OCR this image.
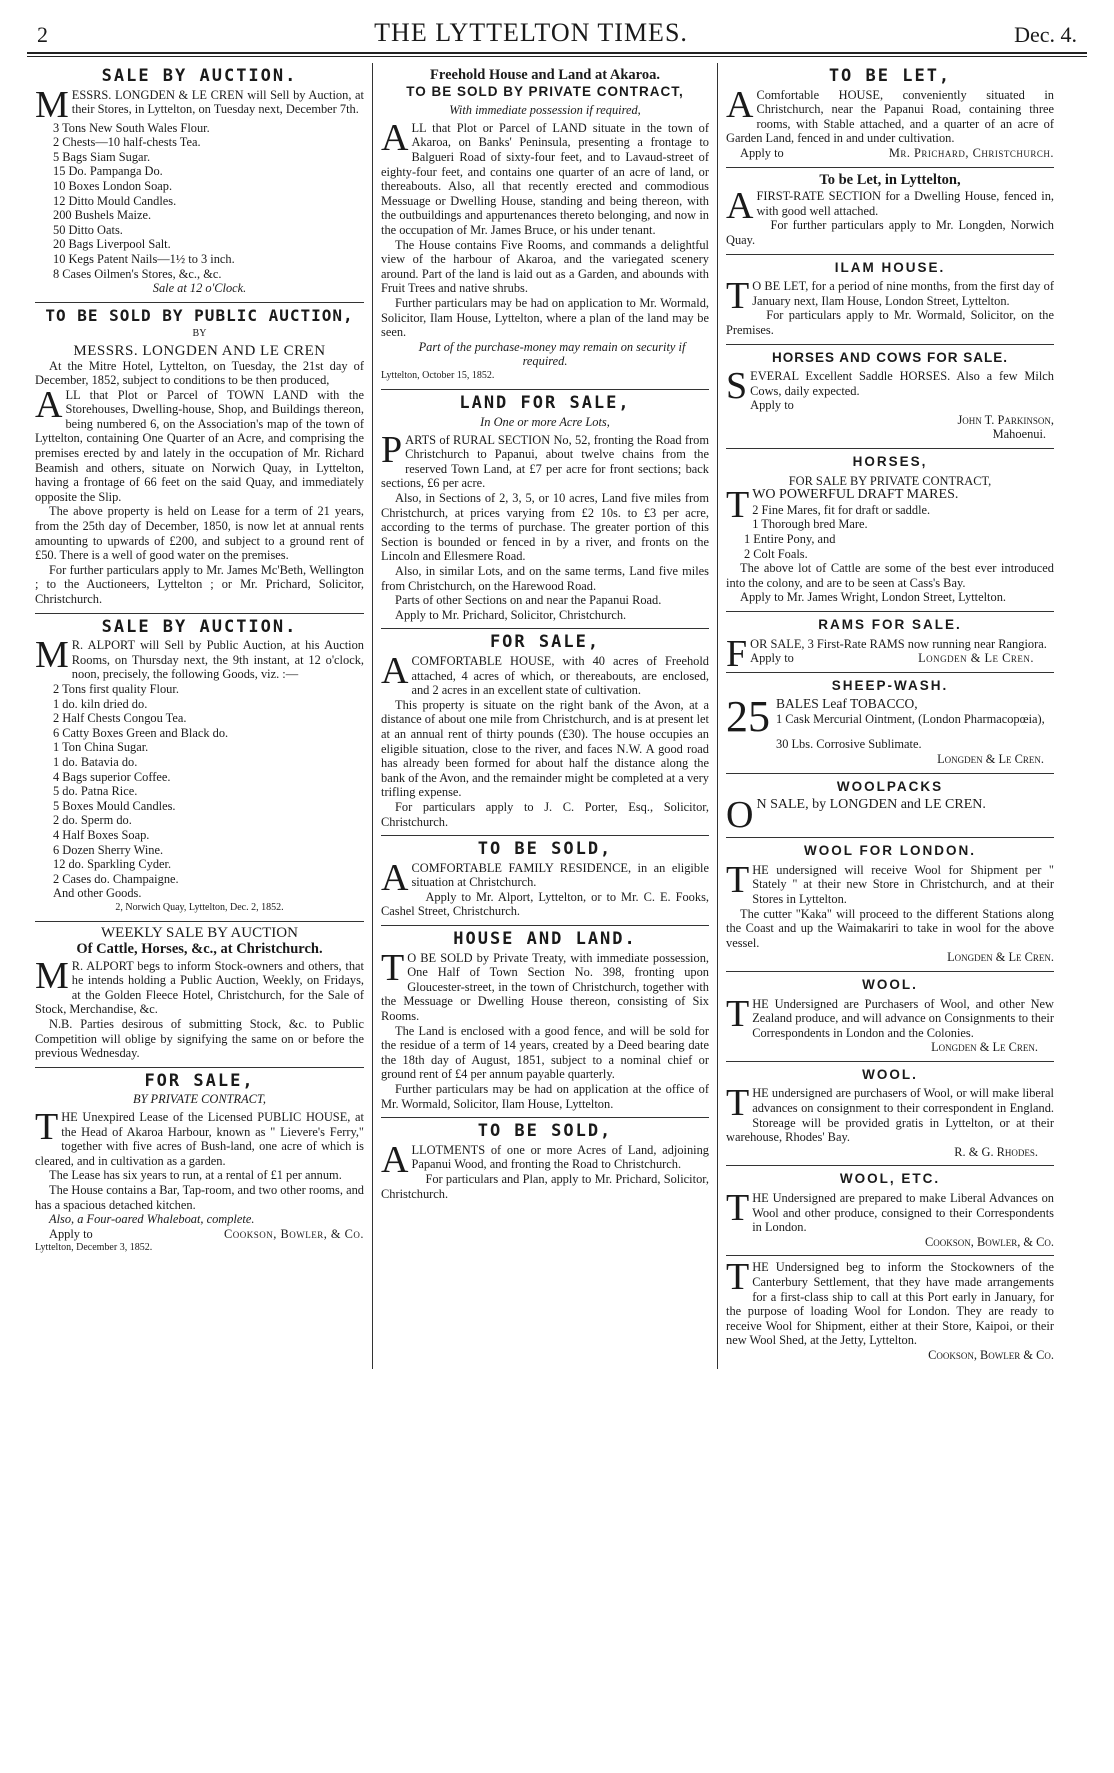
2	THE LYTTELTON TIMES.	Dec. 4.
SALE BY AUCTION.

MESSRS. LONGDEN & LE CREN will Sell by Auction, at their Stores, in Lyttelton, on Tuesday next, December 7th.

3 Tons New South Wales Flour.
2 Chests—10 half-chests Tea.
5 Bags Siam Sugar.
15 Do. Pampanga Do.
10 Boxes London Soap.
12 Ditto Mould Candles.
200 Bushels Maize.
50 Ditto Oats.
20 Bags Liverpool Salt.
10 Kegs Patent Nails—1½ to 3 inch.
8 Cases Oilmen's Stores, &c., &c.
Sale at 12 o'Clock.
TO BE SOLD BY PUBLIC AUCTION,
BY
MESSRS. LONGDEN AND LE CREN

At the Mitre Hotel, Lyttelton, on Tuesday, the 21st day of December, 1852, subject to conditions to be then produced,

ALL that Plot or Parcel of TOWN LAND with the Storehouses, Dwelling-house, Shop, and Buildings thereon, being numbered 6, on the Association's map of the town of Lyttelton, containing One Quarter of an Acre, and comprising the premises erected by and lately in the occupation of Mr. Richard Beamish and others, situate on Norwich Quay, in Lyttelton, having a frontage of 66 feet on the said Quay, and immediately opposite the Slip.

The above property is held on Lease for a term of 21 years, from the 25th day of December, 1850, is now let at annual rents amounting to upwards of £200, and subject to a ground rent of £50. There is a well of good water on the premises.

For further particulars apply to Mr. James Mc'Beth, Wellington ; to the Auctioneers, Lyttelton ; or Mr. Prichard, Solicitor, Christchurch.

SALE BY AUCTION.

M R. ALPORT will Sell by Public Auction, at his Auction Rooms, on Thursday next, the 9th instant, at 12 o'clock, noon, precisely, the following Goods, viz. :—

2 Tons first quality Flour.
1 do. kiln dried do.
2 Half Chests Congou Tea.
6 Catty Boxes Green and Black do.
1 Ton China Sugar.
1 do. Batavia do.
4 Bags superior Coffee.
5 do. Patna Rice.
5 Boxes Mould Candles.
2 do. Sperm do.
4 Half Boxes Soap.
6 Dozen Sherry Wine.
12 do. Sparkling Cyder.
2 Cases do. Champaigne.
And other Goods.
2, Norwich Quay, Lyttelton, Dec. 2, 1852.
WEEKLY SALE BY AUCTION
Of Cattle, Horses, &c., at Christchurch.

M R. ALPORT begs to inform Stock-owners and others, that he intends holding a Public Auction, Weekly, on Fridays, at the Golden Fleece Hotel, Christchurch, for the Sale of Stock, Merchandise, &c.

N.B. Parties desirous of submitting Stock, &c. to Public Competition will oblige by signifying the same on or before the previous Wednesday.

FOR SALE,
BY PRIVATE CONTRACT,

THE Unexpired Lease of the Licensed PUBLIC HOUSE, at the Head of Akaroa Harbour, known as " Lievere's Ferry," together with five acres of Bush-land, one acre of which is cleared, and in cultivation as a garden.

The Lease has six years to run, at a rental of £1 per annum.

The House contains a Bar, Tap-room, and two other rooms, and has a spacious detached kitchen.

Also, a Four-oared Whaleboat, complete.

Apply to	Cookson, Bowler, & Co.
Lyttelton, December 3, 1852.
Freehold House and Land at Akaroa.
TO BE SOLD BY PRIVATE CONTRACT,
With immediate possession if required,

ALL that Plot or Parcel of LAND situate in the town of Akaroa, on Banks' Peninsula, presenting a frontage to Balgueri Road of sixty-four feet, and to Lavaud-street of eighty-four feet, and contains one quarter of an acre of land, or thereabouts. Also, all that recently erected and commodious Messuage or Dwelling House, standing and being thereon, with the outbuildings and appurtenances thereto belonging, and now in the occupation of Mr. James Bruce, or his under tenant.

The House contains Five Rooms, and commands a delightful view of the harbour of Akaroa, and the variegated scenery around. Part of the land is laid out as a Garden, and abounds with Fruit Trees and native shrubs.

Further particulars may be had on application to Mr. Wormald, Solicitor, Ilam House, Lyttelton, where a plan of the land may be seen.

Part of the purchase-money may remain on security if required.

Lyttelton, October 15, 1852.
LAND FOR SALE,
In One or more Acre Lots,

PARTS of RURAL SECTION No, 52, fronting the Road from Christchurch to Papanui, about twelve chains from the reserved Town Land, at £7 per acre for front sections; back sections, £6 per acre.

Also, in Sections of 2, 3, 5, or 10 acres, Land five miles from Christchurch, at prices varying from £2 10s. to £3 per acre, according to the terms of purchase. The greater portion of this Section is bounded or fenced in by a river, and fronts on the Lincoln and Ellesmere Road.

Also, in similar Lots, and on the same terms, Land five miles from Christchurch, on the Harewood Road.

Parts of other Sections on and near the Papanui Road.

Apply to Mr. Prichard, Solicitor, Christchurch.

FOR SALE,

ACOMFORTABLE HOUSE, with 40 acres of Freehold attached, 4 acres of which, or thereabouts, are enclosed, and 2 acres in an excellent state of cultivation.

This property is situate on the right bank of the Avon, at a distance of about one mile from Christchurch, and is at present let at an annual rent of thirty pounds (£30). The house occupies an eligible situation, close to the river, and faces N.W. A good road has already been formed for about half the distance along the bank of the Avon, and the remainder might be completed at a very trifling expense.

For particulars apply to J. C. Porter, Esq., Solicitor, Christchurch.

TO BE SOLD,

ACOMFORTABLE FAMILY RESIDENCE, in an eligible situation at Christchurch.

Apply to Mr. Alport, Lyttelton, or to Mr. C. E. Fooks, Cashel Street, Christchurch.

HOUSE AND LAND.

T O BE SOLD by Private Treaty, with immediate possession, One Half of Town Section No. 398, fronting upon Gloucester-street, in the town of Christchurch, together with the Messuage or Dwelling House thereon, consisting of Six Rooms.

The Land is enclosed with a good fence, and will be sold for the residue of a term of 14 years, created by a Deed bearing date the 18th day of August, 1851, subject to a nominal chief or ground rent of £4 per annum payable quarterly.

Further particulars may be had on application at the office of Mr. Wormald, Solicitor, Ilam House, Lyttelton.

TO BE SOLD,

ALLOTMENTS of one or more Acres of Land, adjoining Papanui Wood, and fronting the Road to Christchurch.

For particulars and Plan, apply to Mr. Prichard, Solicitor, Christchurch.

TO BE LET,

A Comfortable HOUSE, conveniently situated in Christchurch, near the Papanui Road, containing three rooms, with Stable attached, and a quarter of an acre of Garden Land, fenced in and under cultivation.

Apply to	Mr. Prichard, Christchurch.
To be Let, in Lyttelton,

AFIRST-RATE SECTION for a Dwelling House, fenced in, with good well attached.

For further particulars apply to Mr. Longden, Norwich Quay.

ILAM HOUSE.

T O BE LET, for a period of nine months, from the first day of January next, Ilam House, London Street, Lyttelton.

For particulars apply to Mr. Wormald, Solicitor, on the Premises.

HORSES AND COWS FOR SALE.

SEVERAL Excellent Saddle HORSES. Also a few Milch Cows, daily expected.

Apply to
John T. Parkinson,
Mahoenui.
HORSES,
FOR SALE BY PRIVATE CONTRACT,

TWO POWERFUL DRAFT MARES.

2 Fine Mares, fit for draft or saddle.
1 Thorough bred Mare.
1 Entire Pony, and
2 Colt Foals.

The above lot of Cattle are some of the best ever introduced into the colony, and are to be seen at Cass's Bay.

Apply to Mr. James Wright, London Street, Lyttelton.

RAMS FOR SALE.

FOR SALE, 3 First-Rate RAMS now running near Rangiora.

Apply to	Longden & Le Cren.
SHEEP-WASH.
25 BALES Leaf TOBACCO,
1 Cask Mercurial Ointment, (London Pharmacopœia),
30 Lbs. Corrosive Sublimate.
Longden & Le Cren.
WOOLPACKS

O N SALE, by LONGDEN and LE CREN.

WOOL FOR LONDON.

THE undersigned will receive Wool for Shipment per " Stately " at their new Store in Christchurch, and at their Stores in Lyttelton.

The cutter "Kaka" will proceed to the different Stations along the Coast and up the Waimakariri to take in wool for the above vessel.

Longden & Le Cren.
WOOL.

THE Undersigned are Purchasers of Wool, and other New Zealand produce, and will advance on Consignments to their Correspondents in London and the Colonies.

Longden & Le Cren.
WOOL.

THE undersigned are purchasers of Wool, or will make liberal advances on consignment to their correspondent in England. Storeage will be provided gratis in Lyttelton, or at their warehouse, Rhodes' Bay.

R. & G. Rhodes.
WOOL, ETC.

THE Undersigned are prepared to make Liberal Advances on Wool and other produce, consigned to their Correspondents in London.

Cookson, Bowler, & Co.

THE Undersigned beg to inform the Stockowners of the Canterbury Settlement, that they have made arrangements for a first-class ship to call at this Port early in January, for the purpose of loading Wool for London. They are ready to receive Wool for Shipment, either at their Store, Kaipoi, or their new Wool Shed, at the Jetty, Lyttelton.

Cookson, Bowler & Co.
